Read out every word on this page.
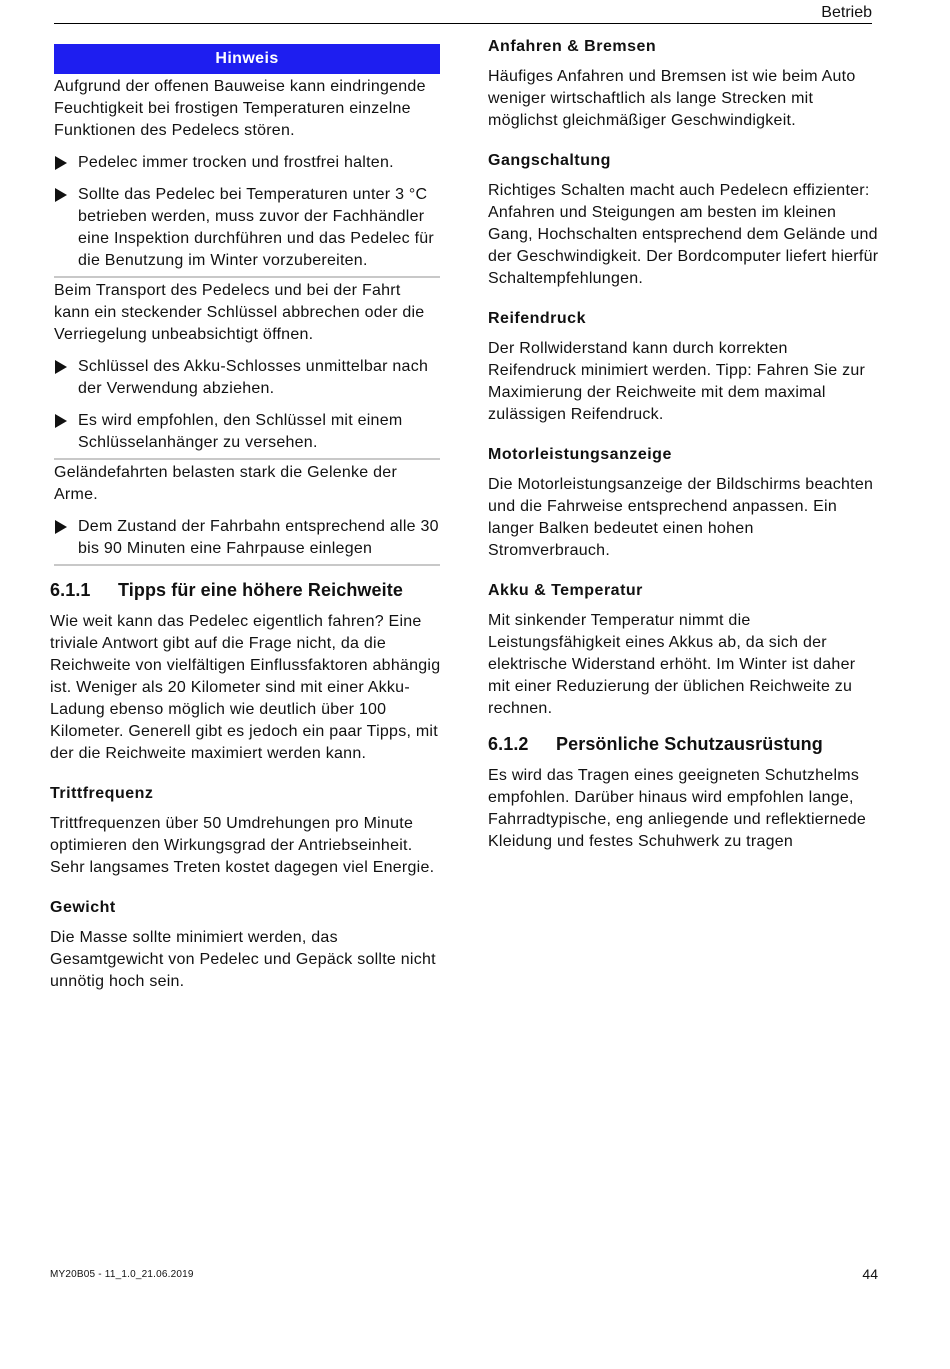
Betrieb
Hinweis

Aufgrund der offenen Bauweise kann eindringende Feuchtigkeit bei frostigen Temperaturen einzelne Funktionen des Pedelecs stören.

Pedelec immer trocken und frostfrei halten.
Sollte das Pedelec bei Temperaturen unter 3 °C betrieben werden, muss zuvor der Fachhändler eine Inspektion durchführen und das Pedelec für die Benutzung im Winter vorzubereiten.

Beim Transport des Pedelecs und bei der Fahrt kann ein steckender Schlüssel abbrechen oder die Verriegelung unbeabsichtigt öffnen.

Schlüssel des Akku-Schlosses unmittelbar nach der Verwendung abziehen.
Es wird empfohlen, den Schlüssel mit einem Schlüsselanhänger zu versehen.

Geländefahrten belasten stark die Gelenke der Arme.

Dem Zustand der Fahrbahn entsprechend alle 30 bis 90 Minuten eine Fahrpause einlegen
6.1.1	Tipps für eine höhere Reichweite

Wie weit kann das Pedelec eigentlich fahren? Eine triviale Antwort gibt auf die Frage nicht, da die Reichweite von vielfältigen Einflussfaktoren abhängig ist. Weniger als 20 Kilometer sind mit einer Akku-Ladung ebenso möglich wie deutlich über 100 Kilometer. Generell gibt es jedoch ein paar Tipps, mit der die Reichweite maximiert werden kann.

Trittfrequenz

Trittfrequenzen über 50 Umdrehungen pro Minute optimieren den Wirkungsgrad der Antriebseinheit. Sehr langsames Treten kostet dagegen viel Energie.

Gewicht

Die Masse sollte minimiert werden, das Gesamtgewicht von Pedelec und Gepäck sollte nicht unnötig hoch sein.

Anfahren & Bremsen

Häufiges Anfahren und Bremsen ist wie beim Auto weniger wirtschaftlich als lange Strecken mit möglichst gleichmäßiger Geschwindigkeit.

Gangschaltung

Richtiges Schalten macht auch Pedelecn effizienter: Anfahren und Steigungen am besten im kleinen Gang, Hochschalten entsprechend dem Gelände und der Geschwindigkeit. Der Bordcomputer liefert hierfür Schaltempfehlungen.

Reifendruck

Der Rollwiderstand kann durch korrekten Reifendruck minimiert werden. Tipp: Fahren Sie zur Maximierung der Reichweite mit dem maximal zulässigen Reifendruck.

Motorleistungsanzeige

Die Motorleistungsanzeige der Bildschirms beachten und die Fahrweise entsprechend anpassen. Ein langer Balken bedeutet einen hohen Stromverbrauch.

Akku & Temperatur

Mit sinkender Temperatur nimmt die Leistungsfähigkeit eines Akkus ab, da sich der elektrische Widerstand erhöht. Im Winter ist daher mit einer Reduzierung der üblichen Reichweite zu rechnen.

6.1.2	Persönliche Schutzausrüstung

Es wird das Tragen eines geeigneten Schutzhelms empfohlen. Darüber hinaus wird empfohlen lange, Fahrradtypische, eng anliegende und reflektiernede Kleidung und festes Schuhwerk zu tragen

MY20B05 - 11_1.0_21.06.2019	44
